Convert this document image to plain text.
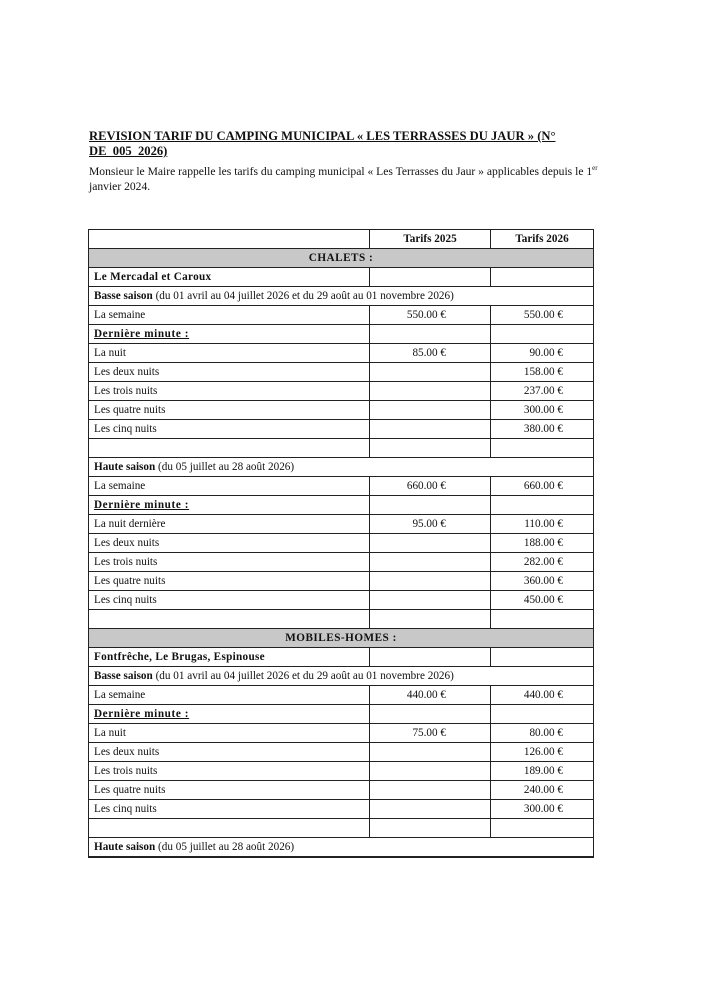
REVISION TARIF DU CAMPING MUNICIPAL « LES TERRASSES DU JAUR » (N° DE_005_2026)

Monsieur le Maire rappelle les tarifs du camping municipal « Les Terrasses du Jaur » applicables depuis le 1er janvier 2024.

	Tarifs 2025	Tarifs 2026
CHALETS :		
Le Mercadal et Caroux		
Basse saison (du 01 avril au 04 juillet 2026 et du 29 août au 01 novembre 2026)		
La semaine	550.00 €	550.00 €
Dernière minute :		
La nuit	85.00 €	90.00 €
Les deux nuits		158.00 €
Les trois nuits		237.00 €
Les quatre nuits		300.00 €
Les cinq nuits		380.00 €

Haute saison (du 05 juillet au 28 août 2026)		
La semaine	660.00 €	660.00 €
Dernière minute :		
La nuit dernière	95.00 €	110.00 €
Les deux nuits		188.00 €
Les trois nuits		282.00 €
Les quatre nuits		360.00 €
Les cinq nuits		450.00 €

MOBILES-HOMES :		
Fontfrêche, Le Brugas, Espinouse		
Basse saison (du 01 avril au 04 juillet 2026 et du 29 août au 01 novembre 2026)		
La semaine	440.00 €	440.00 €
Dernière minute :		
La nuit	75.00 €	80.00 €
Les deux nuits		126.00 €
Les trois nuits		189.00 €
Les quatre nuits		240.00 €
Les cinq nuits		300.00 €

Haute saison (du 05 juillet au 28 août 2026)		
